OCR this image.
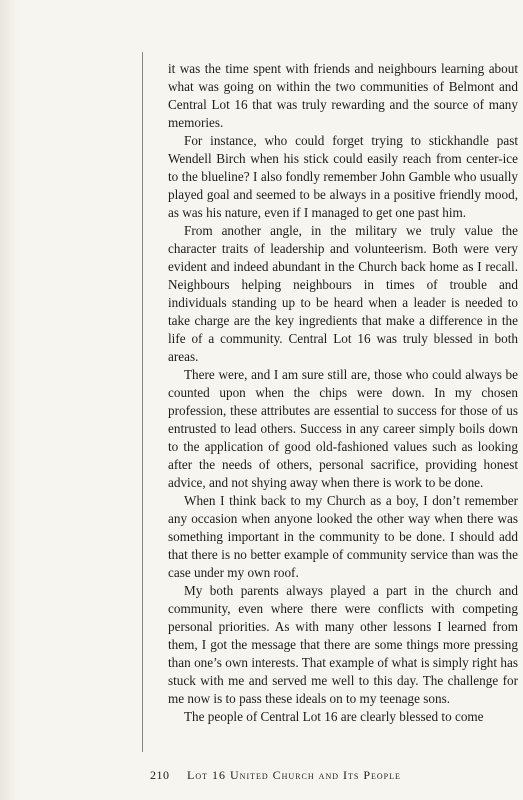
it was the time spent with friends and neighbours learning about what was going on within the two communities of Belmont and Central Lot 16 that was truly rewarding and the source of many memories.

For instance, who could forget trying to stickhandle past Wendell Birch when his stick could easily reach from center-ice to the blueline? I also fondly remember John Gamble who usually played goal and seemed to be always in a positive friendly mood, as was his nature, even if I managed to get one past him.

From another angle, in the military we truly value the character traits of leadership and volunteerism. Both were very evident and indeed abundant in the Church back home as I recall. Neighbours helping neighbours in times of trouble and individuals standing up to be heard when a leader is needed to take charge are the key ingredients that make a difference in the life of a community. Central Lot 16 was truly blessed in both areas.

There were, and I am sure still are, those who could always be counted upon when the chips were down. In my chosen profession, these attributes are essential to success for those of us entrusted to lead others. Success in any career simply boils down to the application of good old-fashioned values such as looking after the needs of others, personal sacrifice, providing honest advice, and not shying away when there is work to be done.

When I think back to my Church as a boy, I don’t remember any occasion when anyone looked the other way when there was something important in the community to be done. I should add that there is no better example of community service than was the case under my own roof.

My both parents always played a part in the church and community, even where there were conflicts with competing personal priorities. As with many other lessons I learned from them, I got the message that there are some things more pressing than one’s own interests. That example of what is simply right has stuck with me and served me well to this day. The challenge for me now is to pass these ideals on to my teenage sons.

The people of Central Lot 16 are clearly blessed to come

210 Lot 16 United Church and Its People
